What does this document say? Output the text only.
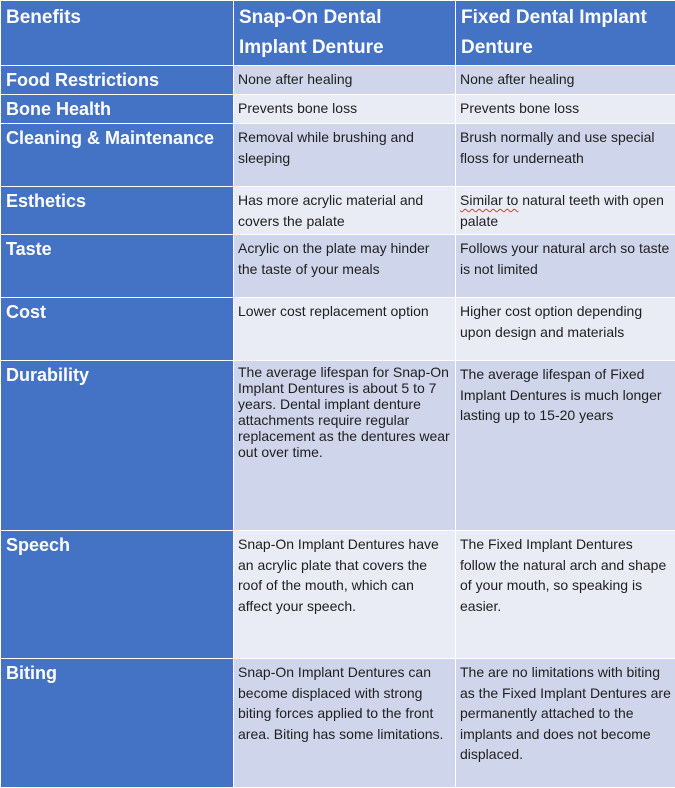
Benefits	Snap-On Dental Implant Denture	Fixed Dental Implant Denture
Food Restrictions	None after healing	None after healing
Bone Health	Prevents bone loss	Prevents bone loss
Cleaning & Maintenance	Removal while brushing and sleeping	Brush normally and use special floss for underneath
Esthetics	Has more acrylic material and covers the palate	Similar to natural teeth with open palate
Taste	Acrylic on the plate may hinder the taste of your meals	Follows your natural arch so taste is not limited
Cost	Lower cost replacement option	Higher cost option depending upon design and materials
Durability	The average lifespan for Snap-On Implant Dentures is about 5 to 7 years. Dental implant denture attachments require regular replacement as the dentures wear out over time.	The average lifespan of Fixed Implant Dentures is much longer lasting up to 15-20 years
Speech	Snap-On Implant Dentures have an acrylic plate that covers the roof of the mouth, which can affect your speech.	The Fixed Implant Dentures follow the natural arch and shape of your mouth, so speaking is easier.
Biting	Snap-On Implant Dentures can become displaced with strong biting forces applied to the front area. Biting has some limitations.	The are no limitations with biting as the Fixed Implant Dentures are permanently attached to the implants and does not become displaced.
